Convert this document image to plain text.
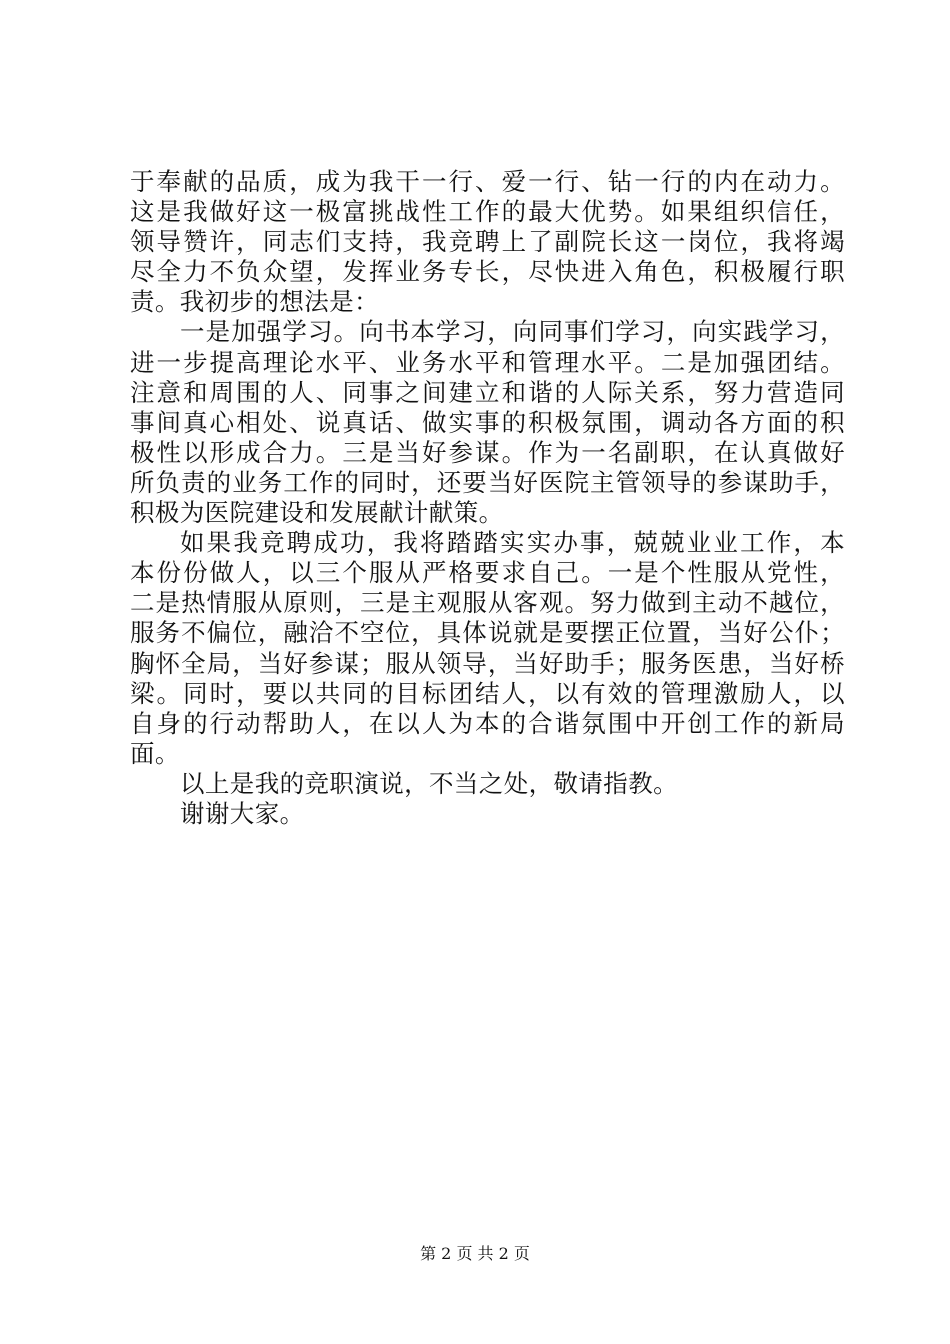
于奉献的品质，成为我干一行、爱一行、钻一行的内在动力。
这是我做好这一极富挑战性工作的最大优势。如果组织信任，
领导赞许，同志们支持，我竞聘上了副院长这一岗位，我将竭
尽全力不负众望，发挥业务专长，尽快进入角色，积极履行职
责。我初步的想法是：
一是加强学习。向书本学习，向同事们学习，向实践学习，
进一步提高理论水平、业务水平和管理水平。二是加强团结。
注意和周围的人、同事之间建立和谐的人际关系，努力营造同
事间真心相处、说真话、做实事的积极氛围，调动各方面的积
极性以形成合力。三是当好参谋。作为一名副职，在认真做好
所负责的业务工作的同时，还要当好医院主管领导的参谋助手，
积极为医院建设和发展献计献策。
如果我竞聘成功，我将踏踏实实办事，兢兢业业工作，本
本份份做人，以三个服从严格要求自己。一是个性服从党性，
二是热情服从原则，三是主观服从客观。努力做到主动不越位，
服务不偏位，融洽不空位，具体说就是要摆正位置，当好公仆；
胸怀全局，当好参谋；服从领导，当好助手；服务医患，当好桥
梁。同时，要以共同的目标团结人，以有效的管理激励人，以
自身的行动帮助人，在以人为本的合谐氛围中开创工作的新局
面。
以上是我的竞职演说，不当之处，敬请指教。
谢谢大家。
第 2 页 共 2 页
